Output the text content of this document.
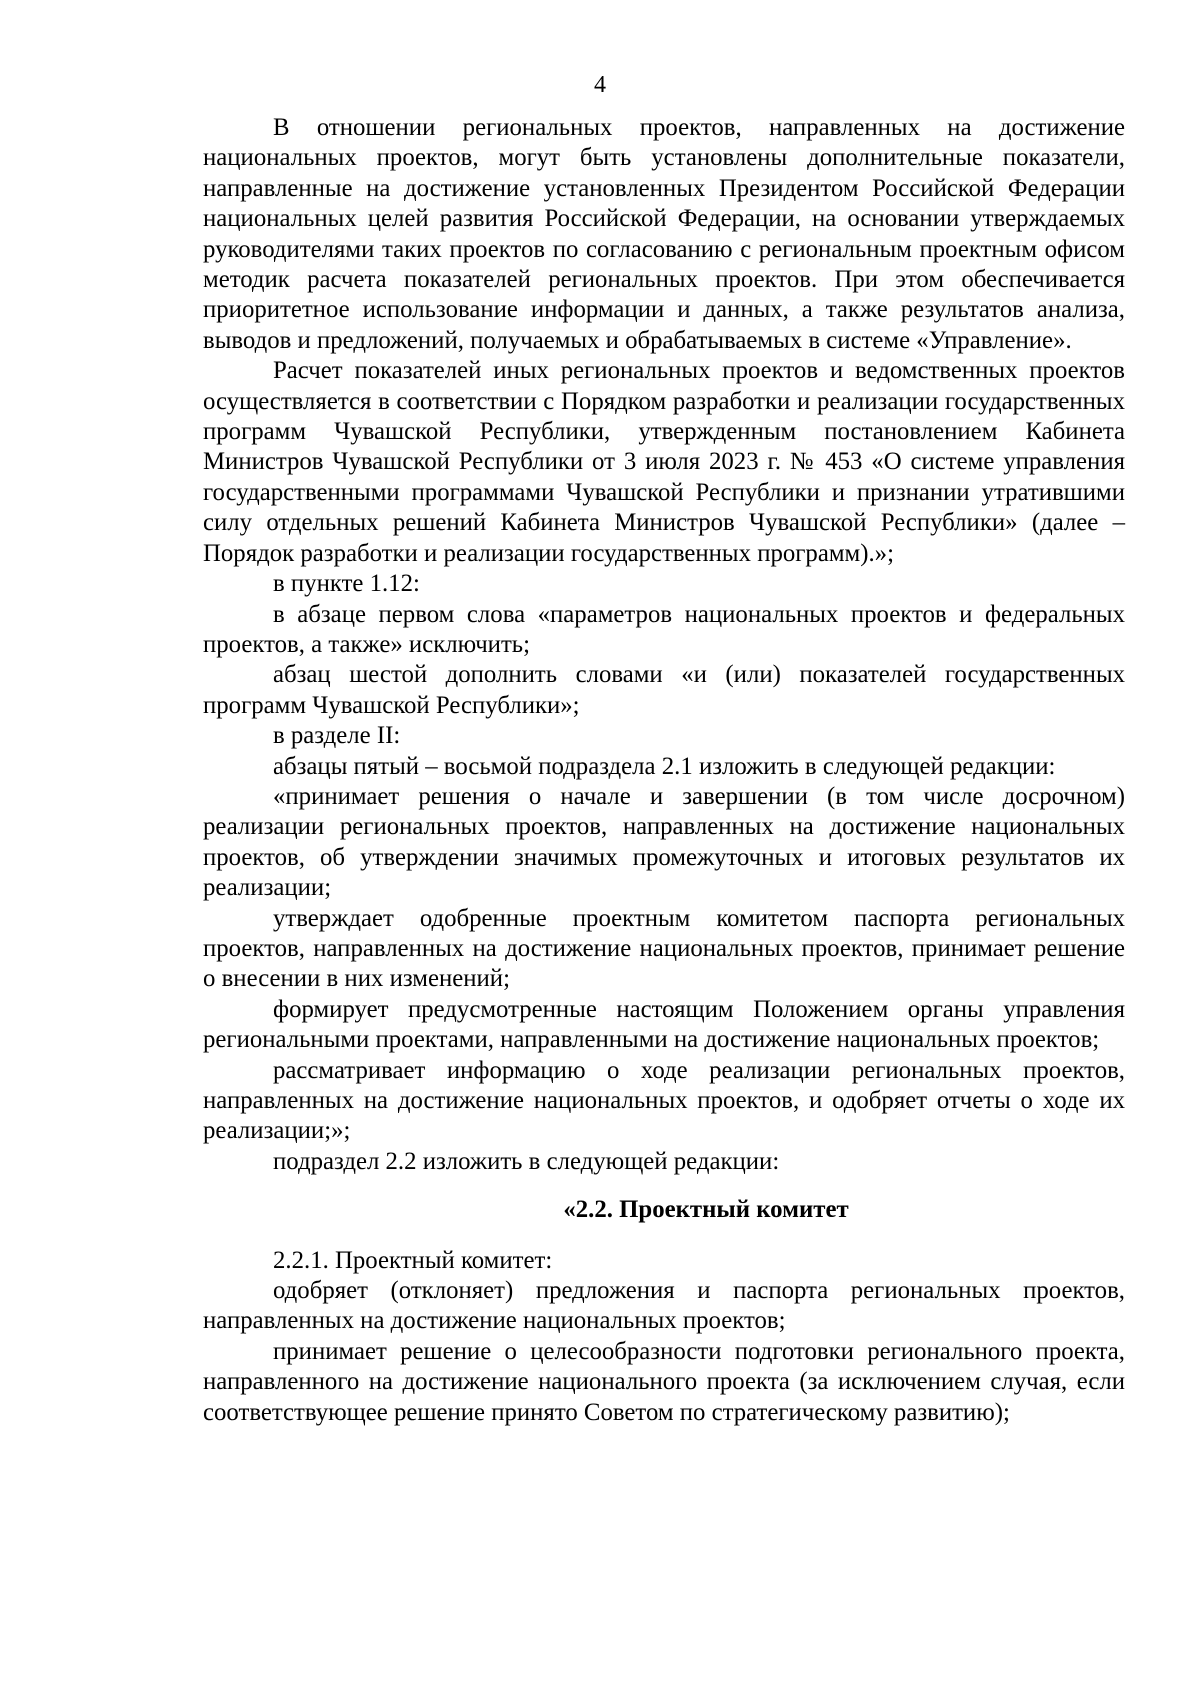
4

В отношении региональных проектов, направленных на достижение национальных проектов, могут быть установлены дополнительные показатели, направленные на достижение установленных Президентом Российской Федерации национальных целей развития Российской Федерации, на основании утверждаемых руководителями таких проектов по согласованию с региональным проектным офисом методик расчета показателей региональных проектов. При этом обеспечивается приоритетное использование информации и данных, а также результатов анализа, выводов и предложений, получаемых и обрабатываемых в системе «Управление».

Расчет показателей иных региональных проектов и ведомственных проектов осуществляется в соответствии с Порядком разработки и реализации государственных программ Чувашской Республики, утвержденным постановлением Кабинета Министров Чувашской Республики от 3 июля 2023 г. № 453 «О системе управления государственными программами Чувашской Республики и признании утратившими силу отдельных решений Кабинета Министров Чувашской Республики» (далее – Порядок разработки и реализации государственных программ).»;

в пункте 1.12:

в абзаце первом слова «параметров национальных проектов и федеральных проектов, а также» исключить;

абзац шестой дополнить словами «и (или) показателей государственных программ Чувашской Республики»;

в разделе II:

абзацы пятый – восьмой подраздела 2.1 изложить в следующей редакции:

«принимает решения о начале и завершении (в том числе досрочном) реализации региональных проектов, направленных на достижение национальных проектов, об утверждении значимых промежуточных и итоговых результатов их реализации;

утверждает одобренные проектным комитетом паспорта региональных проектов, направленных на достижение национальных проектов, принимает решение о внесении в них изменений;

формирует предусмотренные настоящим Положением органы управления региональными проектами, направленными на достижение национальных проектов;

рассматривает информацию о ходе реализации региональных проектов, направленных на достижение национальных проектов, и одобряет отчеты о ходе их реализации;»;

подраздел 2.2 изложить в следующей редакции:

«2.2. Проектный комитет

2.2.1. Проектный комитет:

одобряет (отклоняет) предложения и паспорта региональных проектов, направленных на достижение национальных проектов;

принимает решение о целесообразности подготовки регионального проекта, направленного на достижение национального проекта (за исключением случая, если соответствующее решение принято Советом по стратегическому развитию);
